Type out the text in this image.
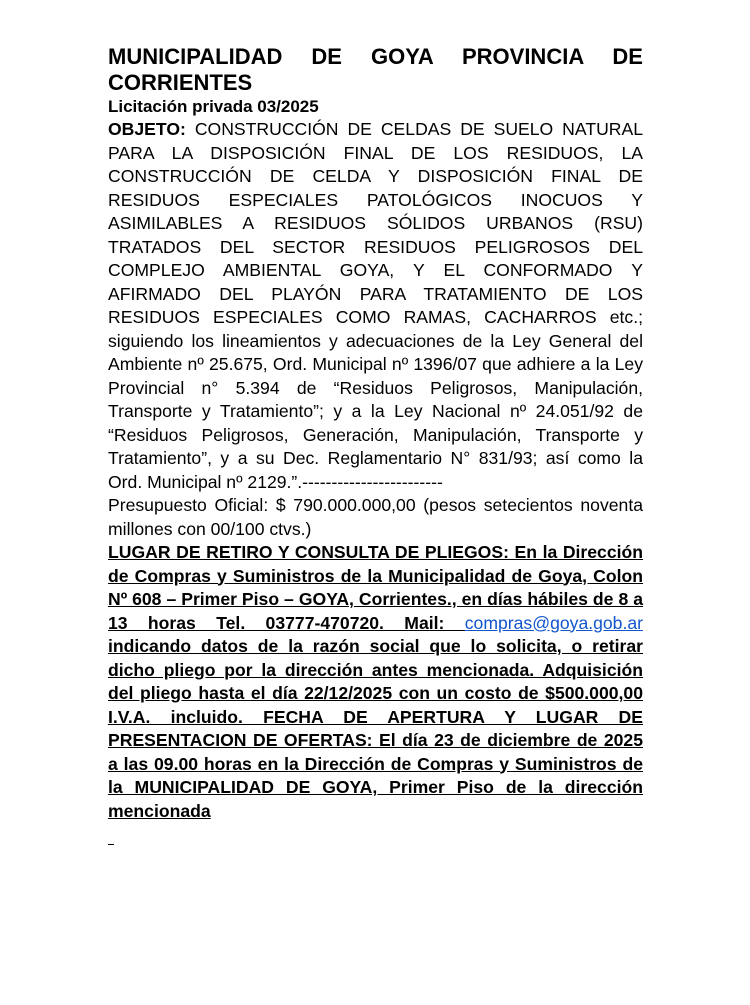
MUNICIPALIDAD DE GOYA PROVINCIA DE CORRIENTES

Licitación privada 03/2025

OBJETO: CONSTRUCCIÓN DE CELDAS DE SUELO NATURAL PARA LA DISPOSICIÓN FINAL DE LOS RESIDUOS, LA CONSTRUCCIÓN DE CELDA Y DISPOSICIÓN FINAL DE RESIDUOS ESPECIALES PATOLÓGICOS INOCUOS Y ASIMILABLES A RESIDUOS SÓLIDOS URBANOS (RSU) TRATADOS DEL SECTOR RESIDUOS PELIGROSOS DEL COMPLEJO AMBIENTAL GOYA, Y EL CONFORMADO Y AFIRMADO DEL PLAYÓN PARA TRATAMIENTO DE LOS RESIDUOS ESPECIALES COMO RAMAS, CACHARROS etc.; siguiendo los lineamientos y adecuaciones de la Ley General del Ambiente nº 25.675, Ord. Municipal nº 1396/07 que adhiere a la Ley Provincial n° 5.394 de “Residuos Peligrosos, Manipulación, Transporte y Tratamiento”; y a la Ley Nacional nº 24.051/92 de “Residuos Peligrosos, Generación, Manipulación, Transporte y Tratamiento”, y a su Dec. Reglamentario N° 831/93; así como la Ord. Municipal nº 2129.”.------------------------

Presupuesto Oficial: $ 790.000.000,00 (pesos setecientos noventa millones con 00/100 ctvs.)

LUGAR DE RETIRO Y CONSULTA DE PLIEGOS: En la Dirección de Compras y Suministros de la Municipalidad de Goya, Colon Nº 608 – Primer Piso – GOYA, Corrientes., en días hábiles de 8 a 13 horas Tel. 03777-470720. Mail: compras@goya.gob.ar indicando datos de la razón social que lo solicita, o retirar dicho pliego por la dirección antes mencionada. Adquisición del pliego hasta el día 22/12/2025 con un costo de $500.000,00 I.V.A. incluido. FECHA DE APERTURA Y LUGAR DE PRESENTACION DE OFERTAS: El día 23 de diciembre de 2025 a las 09.00 horas en la Dirección de Compras y Suministros de la MUNICIPALIDAD DE GOYA, Primer Piso de la dirección mencionada
